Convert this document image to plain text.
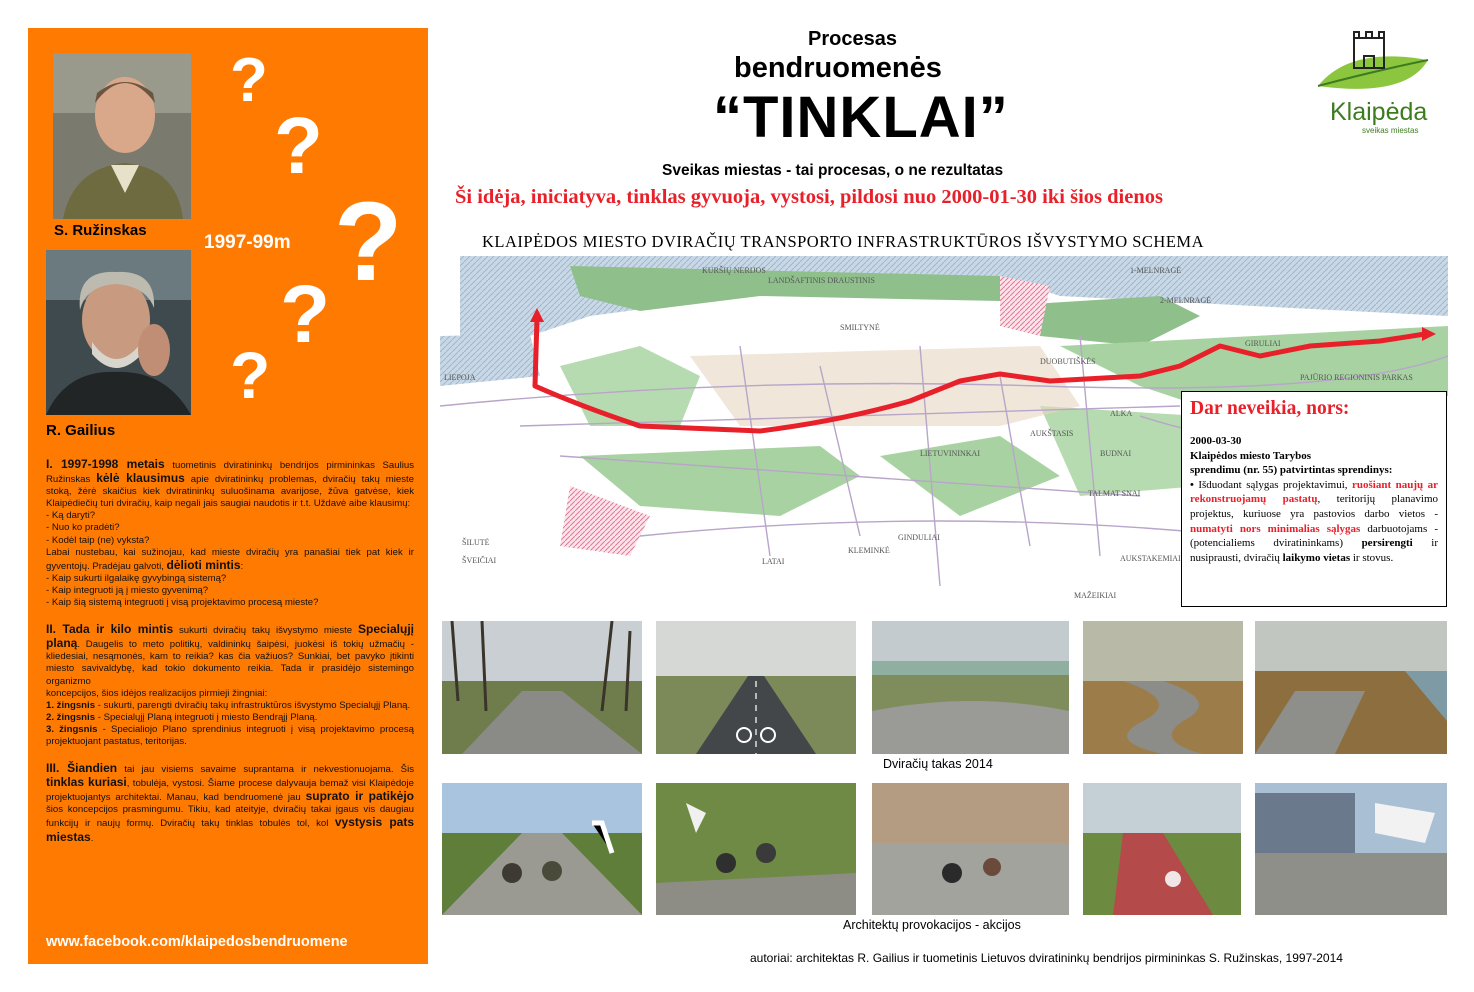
S. Ružinskas
R. Gailius
1997-99m
?
?
?
?
?

I. 1997-1998 metais tuometinis dviratininkų bendrijos pirmininkas Saulius Ružinskas kėlė klausimus apie dviratininkų problemas, dviračių takų mieste stoką, žėrė skaičius kiek dviratininkų suluošinama avarijose, žūva gatvėse, kiek Klaipėdiečių turi dviračių, kaip negali jais saugiai naudotis ir t.t. Uždavė aibe klausimų:
- Ką daryti?
- Nuo ko pradėti?
- Kodėl taip (ne) vyksta?
Labai nustebau, kai sužinojau, kad mieste dviračių yra panašiai tiek pat kiek ir gyventojų. Pradėjau galvoti, dėlioti mintis:
- Kaip sukurti ilgalaikę gyvybingą sistemą?
- Kaip integruoti ją į miesto gyvenimą?
- Kaip šią sistemą integruoti į visą projektavimo procesą mieste?

II. Tada ir kilo mintis sukurti dviračių takų išvystymo mieste Specialųjį planą. Daugelis to meto politikų, valdininkų šaipėsi, juokėsi iš tokių užmačių - kliedesiai, nesąmonės, kam to reikia? kas čia važiuos? Sunkiai, bet pavyko įtikinti miesto savivaldybę, kad tokio dokumento reikia. Tada ir prasidėjo sistemingo organizmo
koncepcijos, šios idėjos realizacijos pirmieji žingniai:
1. žingsnis - sukurti, parengti dviračių takų infrastruktūros išvystymo Specialųjį Planą.
2. žingsnis - Specialųjį Planą integruoti į miesto Bendrąjį Planą.
3. žingsnis - Specialiojo Plano sprendinius integruoti į visą projektavimo procesą projektuojant pastatus, teritorijas.

III. Šiandien tai jau visiems savaime suprantama ir nekvestionuojama. Šis tinklas kuriasi, tobulėja, vystosi. Šiame procese dalyvauja bemaž visi Klaipėdoje projektuojantys architektai. Manau, kad bendruomenė jau suprato ir patikėjo šios koncepcijos prasmingumu. Tikiu, kad ateityje, dviračių takai įgaus vis daugiau funkcijų ir naujų formų. Dviračių takų tinklas tobulės tol, kol vystysis pats miestas.

www.facebook.com/klaipedosbendruomene
Procesas
bendruomenės
“TINKLAI”
Sveikas miestas - tai procesas, o ne rezultatas
Ši idėja, iniciatyva, tinklas gyvuoja, vystosi, pildosi nuo 2000-01-30 iki šios dienos
Klaipėda
sveikas miestas
KLAIPĖDOS MIESTO DVIRAČIŲ TRANSPORTO INFRASTRUKTŪROS IŠVYSTYMO SCHEMA
KURŠIŲ NERIJOS
LANDŠAFTINIS DRAUSTINIS
1-MELNRAGĖ
2-MELNRAGĖ
GIRULIAI
PAJŪRIO REGIONINIS PARKAS
SMILTYNĖ
DUOBUTIŠKĖS
AUKŠTASIS
ALKA
LIETUVININKAI	BUDNAI
TALMAT SNAI
ŠILUTĖ
LIEPOJA
GINDULIAI
KLEMINKĖ
AUKSTAKEMIAI
MAŽEIKIAI
LATAI
ŠVEIČIAI
Dar neveikia, nors:
2000-03-30
Klaipėdos miesto Tarybos
sprendimu (nr. 55) patvirtintas sprendinys:
• Išduodant sąlygas projektavimui, ruošiant naujų ar rekonstruojamų pastatų, teritorijų planavimo projektus, kuriuose yra pastovios darbo vietos - numatyti nors minimalias sąlygas darbuotojams - (potencialiems dviratininkams) persirengti ir nusiprausti, dviračių laikymo vietas ir stovus.
Dviračių takas 2014
Architektų provokacijos - akcijos
autoriai: architektas R. Gailius ir tuometinis Lietuvos dviratininkų bendrijos pirmininkas S. Ružinskas, 1997-2014
